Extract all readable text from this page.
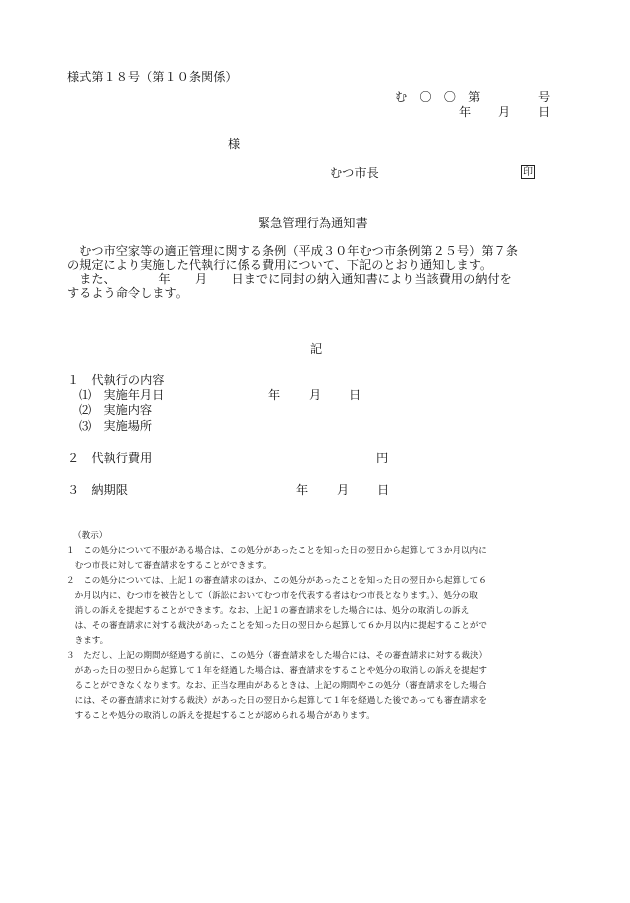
様式第１８号（第１０条関係）
む　〇　〇　第	号
年 月 日
様
むつ市長	印
緊急管理行為通知書

　むつ市空家等の適正管理に関する条例（平成３０年むつ市条例第２５号）第７条

の規定により実施した代執行に係る費用について、下記のとおり通知します。

　また、　　　　年　　月　　日までに同封の納入通知書により当該費用の納付を

するよう命令します。

記
１　代執行の内容
⑴　実施年月日	年 月 日
⑵　実施内容
⑶　実施場所
２　代執行費用	円
３　納期限	年 月 日
（教示）

１　この処分について不服がある場合は、この処分があったことを知った日の翌日から起算して３か月以内に

　むつ市長に対して審査請求をすることができます。

２　この処分については、上記１の審査請求のほか、この処分があったことを知った日の翌日から起算して６

　か月以内に、むつ市を被告として（訴訟においてむつ市を代表する者はむつ市長となります。）、処分の取

　消しの訴えを提起することができます。なお、上記１の審査請求をした場合には、処分の取消しの訴え

　は、その審査請求に対する裁決があったことを知った日の翌日から起算して６か月以内に提起することがで

　きます。

３　ただし、上記の期間が経過する前に、この処分（審査請求をした場合には、その審査請求に対する裁決）

　があった日の翌日から起算して１年を経過した場合は、審査請求をすることや処分の取消しの訴えを提起す

　ることができなくなります。なお、正当な理由があるときは、上記の期間やこの処分（審査請求をした場合

　には、その審査請求に対する裁決）があった日の翌日から起算して１年を経過した後であっても審査請求を

　することや処分の取消しの訴えを提起することが認められる場合があります。
